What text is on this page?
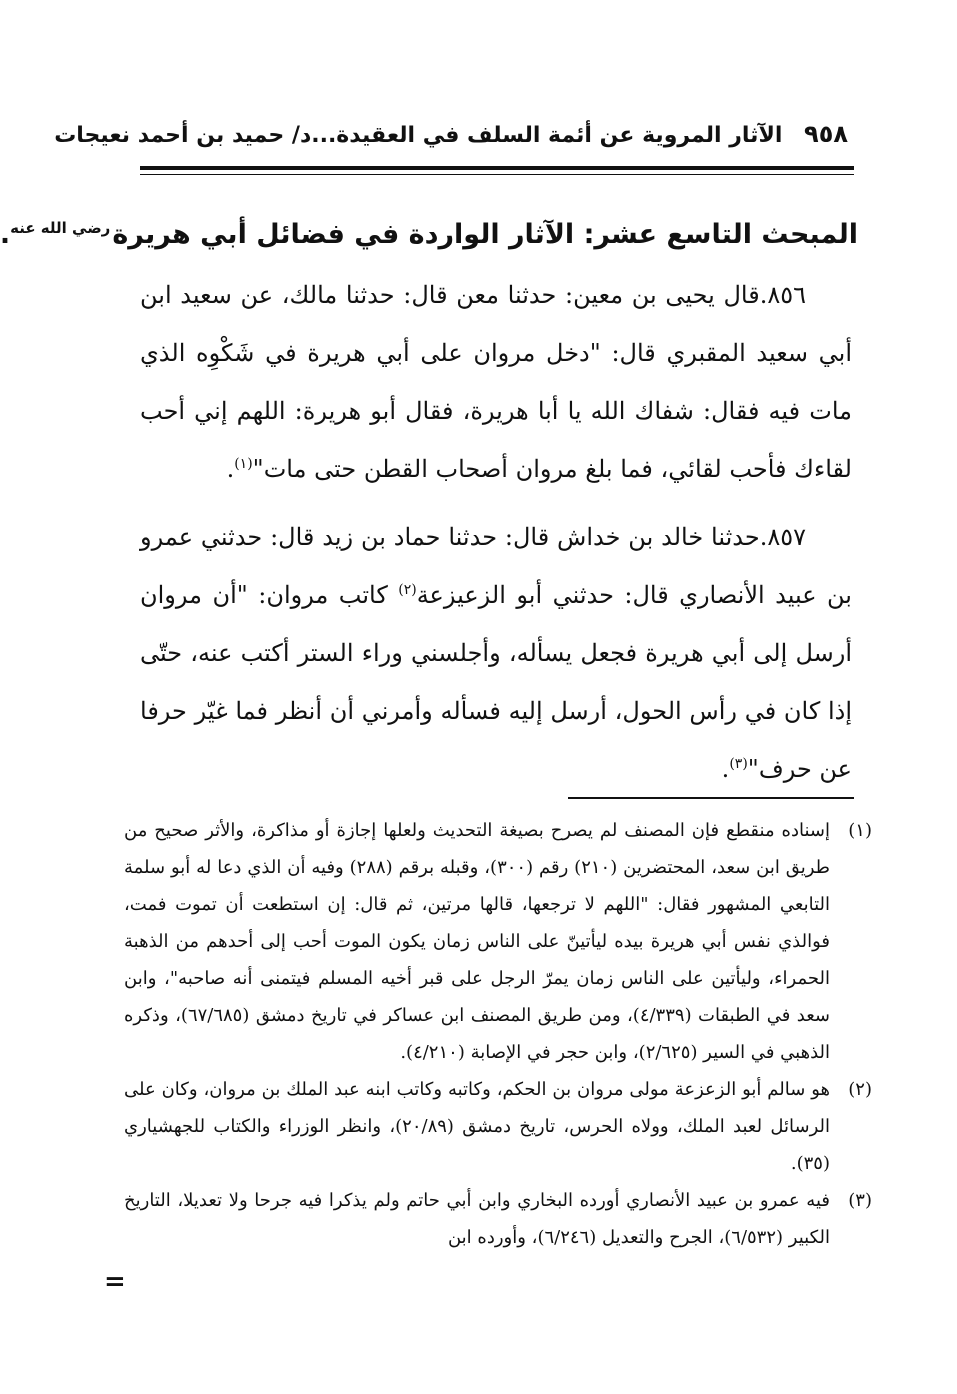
٩٥٨ الآثار المروية عن أئمة السلف في العقيدة...د/ حميد بن أحمد نعيجات
المبحث التاسع عشر: الآثار الواردة في فضائل أبي هريرة$^{رضي الله عنه}$.

٨٥٦.قال يحيى بن معين: حدثنا معن قال: حدثنا مالك، عن سعيد ابن أبي سعيد المقبري قال: "دخل مروان على أبي هريرة في شَكْوِه الذي مات فيه فقال: شفاك الله يا أبا هريرة، فقال أبو هريرة: اللهم إني أحب لقاءك فأحب لقائي، فما بلغ مروان أصحاب القطن حتى مات"$^{(١)}$.

٨٥٧.حدثنا خالد بن خداش قال: حدثنا حماد بن زيد قال: حدثني عمرو بن عبيد الأنصاري قال: حدثني أبو الزعيزعة$^{(٢)}$ كاتب مروان: "أن مروان أرسل إلى أبي هريرة فجعل يسأله، وأجلسني وراء الستر أكتب عنه، حتّى إذا كان في رأس الحول، أرسل إليه فسأله وأمرني أن أنظر فما غيّر حرفا عن حرف"$^{(٣)}$.

(١)
إسناده منقطع فإن المصنف لم يصرح بصيغة التحديث ولعلها إجازة أو مذاكرة، والأثر صحيح من طريق ابن سعد، المحتضرين (٢١٠) رقم (٣٠٠)، وقبله برقم (٢٨٨) وفيه أن الذي دعا له أبو سلمة التابعي المشهور فقال: "اللهم لا ترجعها، قالها مرتين، ثم قال: إن استطعت أن تموت فمت، فوالذي نفس أبي هريرة بيده ليأتينّ على الناس زمان يكون الموت أحب إلى أحدهم من الذهبة الحمراء، وليأتين على الناس زمان يمرّ الرجل على قبر أخيه المسلم فيتمنى أنه صاحبه"، وابن سعد في الطبقات (٤/٣٣٩)، ومن طريق المصنف ابن عساكر في تاريخ دمشق (٦٧/٦٨٥)، وذكره الذهبي في السير (٢/٦٢٥)، وابن حجر في الإصابة (٤/٢١٠).
(٢)
هو سالم أبو الزعزعة مولى مروان بن الحكم، وكاتبه وكاتب ابنه عبد الملك بن مروان، وكان على الرسائل لعبد الملك، وولاه الحرس، تاريخ دمشق (٢٠/٨٩)، وانظر الوزراء والكتاب للجهشياري (٣٥).
(٣)
فيه عمرو بن عبيد الأنصاري أورده البخاري وابن أبي حاتم ولم يذكرا فيه جرحا ولا تعديلا، التاريخ الكبير (٦/٥٣٢)، الجرح والتعديل (٦/٢٤٦)، وأورده ابن
=
